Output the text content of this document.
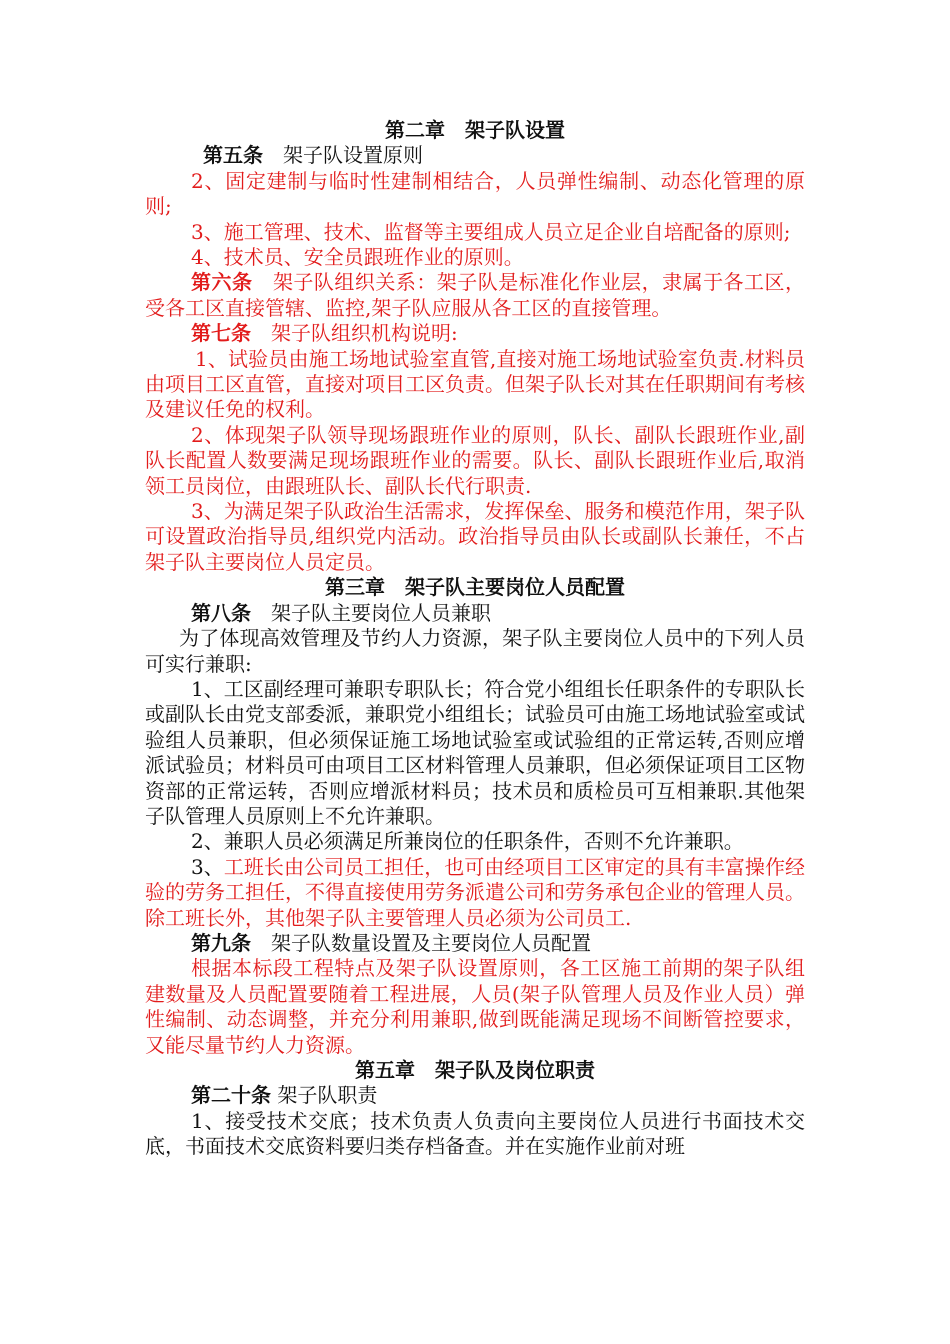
第二章　架子队设置

第五条　 架子队设置原则

2、固定建制与临时性建制相结合，人员弹性编制、动态化管理的原则;

3、施工管理、技术、监督等主要组成人员立足企业自培配备的原则;

4、技术员、安全员跟班作业的原则。

第六条　 架子队组织关系：架子队是标准化作业层，隶属于各工区，受各工区直接管辖、监控,架子队应服从各工区的直接管理。

第七条　 架子队组织机构说明:

1、试验员由施工场地试验室直管,直接对施工场地试验室负责.材料员由项目工区直管，直接对项目工区负责。但架子队长对其在任职期间有考核及建议任免的权利。

2、体现架子队领导现场跟班作业的原则，队长、副队长跟班作业,副队长配置人数要满足现场跟班作业的需要。队长、副队长跟班作业后,取消领工员岗位，由跟班队长、副队长代行职责.

3、为满足架子队政治生活需求，发挥保垒、服务和模范作用，架子队可设置政治指导员,组织党内活动。政治指导员由队长或副队长兼任，不占架子队主要岗位人员定员。

第三章　架子队主要岗位人员配置

第八条　 架子队主要岗位人员兼职

为了体现高效管理及节约人力资源，架子队主要岗位人员中的下列人员可实行兼职:

1、工区副经理可兼职专职队长；符合党小组组长任职条件的专职队长或副队长由党支部委派，兼职党小组组长；试验员可由施工场地试验室或试验组人员兼职，但必须保证施工场地试验室或试验组的正常运转,否则应增派试验员；材料员可由项目工区材料管理人员兼职，但必须保证项目工区物资部的正常运转，否则应增派材料员；技术员和质检员可互相兼职.其他架子队管理人员原则上不允许兼职。

2、兼职人员必须满足所兼岗位的任职条件，否则不允许兼职。

3、工班长由公司员工担任，也可由经项目工区审定的具有丰富操作经验的劳务工担任，不得直接使用劳务派遣公司和劳务承包企业的管理人员。除工班长外，其他架子队主要管理人员必须为公司员工.

第九条　 架子队数量设置及主要岗位人员配置

根据本标段工程特点及架子队设置原则，各工区施工前期的架子队组建数量及人员配置要随着工程进展，人员(架子队管理人员及作业人员）弹性编制、动态调整，并充分利用兼职,做到既能满足现场不间断管控要求，又能尽量节约人力资源。

第五章　架子队及岗位职责

第二十条 架子队职责

1、接受技术交底；技术负责人负责向主要岗位人员进行书面技术交底，书面技术交底资料要归类存档备查。并在实施作业前对班
